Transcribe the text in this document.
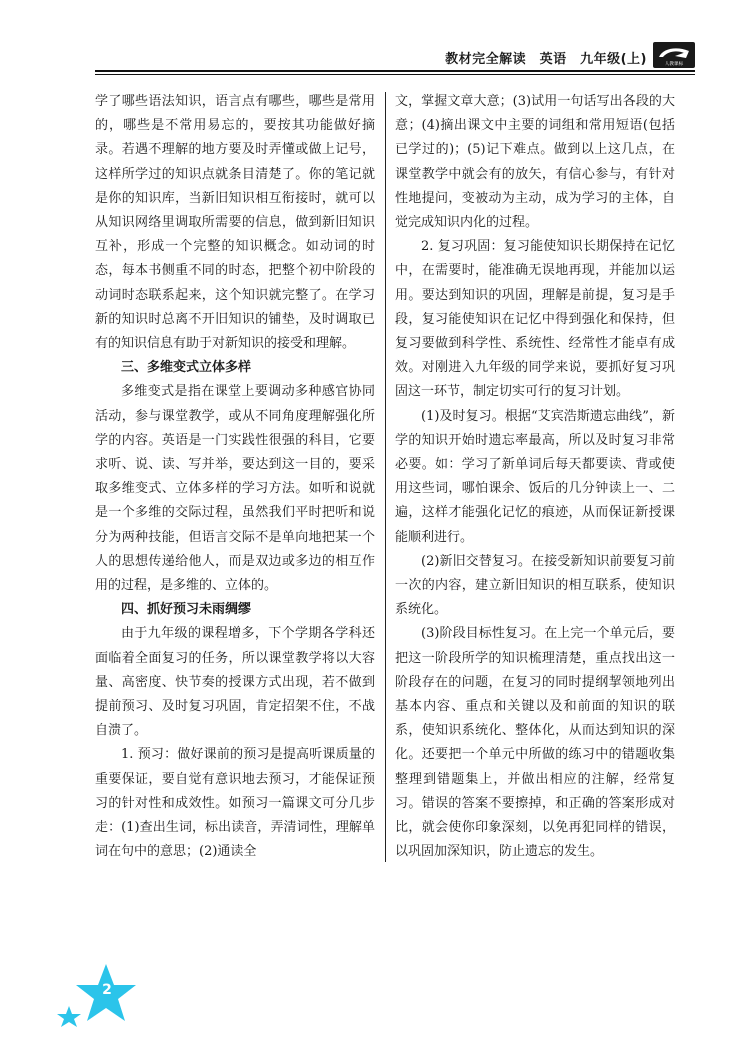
教材完全解读　英语　九年级(上)	人教课标

学了哪些语法知识，语言点有哪些，哪些是常用的，哪些是不常用易忘的，要按其功能做好摘录。若遇不理解的地方要及时弄懂或做上记号，这样所学过的知识点就条目清楚了。你的笔记就是你的知识库，当新旧知识相互衔接时，就可以从知识网络里调取所需要的信息，做到新旧知识互补，形成一个完整的知识概念。如动词的时态，每本书侧重不同的时态，把整个初中阶段的动词时态联系起来，这个知识就完整了。在学习新的知识时总离不开旧知识的铺垫，及时调取已有的知识信息有助于对新知识的接受和理解。

三、多维变式立体多样

多维变式是指在课堂上要调动多种感官协同活动，参与课堂教学，或从不同角度理解强化所学的内容。英语是一门实践性很强的科目，它要求听、说、读、写并举，要达到这一目的，要采取多维变式、立体多样的学习方法。如听和说就是一个多维的交际过程，虽然我们平时把听和说分为两种技能，但语言交际不是单向地把某一个人的思想传递给他人，而是双边或多边的相互作用的过程，是多维的、立体的。

四、抓好预习未雨绸缪

由于九年级的课程增多，下个学期各学科还面临着全面复习的任务，所以课堂教学将以大容量、高密度、快节奏的授课方式出现，若不做到提前预习、及时复习巩固，肯定招架不住，不战自溃了。

1. 预习：做好课前的预习是提高听课质量的重要保证，要自觉有意识地去预习，才能保证预习的针对性和成效性。如预习一篇课文可分几步走：(1)查出生词，标出读音，弄清词性，理解单词在句中的意思；(2)通读全

文，掌握文章大意；(3)试用一句话写出各段的大意；(4)摘出课文中主要的词组和常用短语(包括已学过的)；(5)记下难点。做到以上这几点，在课堂教学中就会有的放矢，有信心参与，有针对性地提问，变被动为主动，成为学习的主体，自觉完成知识内化的过程。

2. 复习巩固：复习能使知识长期保持在记忆中，在需要时，能准确无误地再现，并能加以运用。要达到知识的巩固，理解是前提，复习是手段，复习能使知识在记忆中得到强化和保持，但复习要做到科学性、系统性、经常性才能卓有成效。对刚进入九年级的同学来说，要抓好复习巩固这一环节，制定切实可行的复习计划。

(1)及时复习。根据“艾宾浩斯遗忘曲线”，新学的知识开始时遗忘率最高，所以及时复习非常必要。如：学习了新单词后每天都要读、背或使用这些词，哪怕课余、饭后的几分钟读上一、二遍，这样才能强化记忆的痕迹，从而保证新授课能顺利进行。

(2)新旧交替复习。在接受新知识前要复习前一次的内容，建立新旧知识的相互联系，使知识系统化。

(3)阶段目标性复习。在上完一个单元后，要把这一阶段所学的知识梳理清楚，重点找出这一阶段存在的问题，在复习的同时提纲挈领地列出基本内容、重点和关键以及和前面的知识的联系，使知识系统化、整体化，从而达到知识的深化。还要把一个单元中所做的练习中的错题收集整理到错题集上，并做出相应的注解，经常复习。错误的答案不要擦掉，和正确的答案形成对比，就会使你印象深刻，以免再犯同样的错误，以巩固加深知识，防止遗忘的发生。

2
